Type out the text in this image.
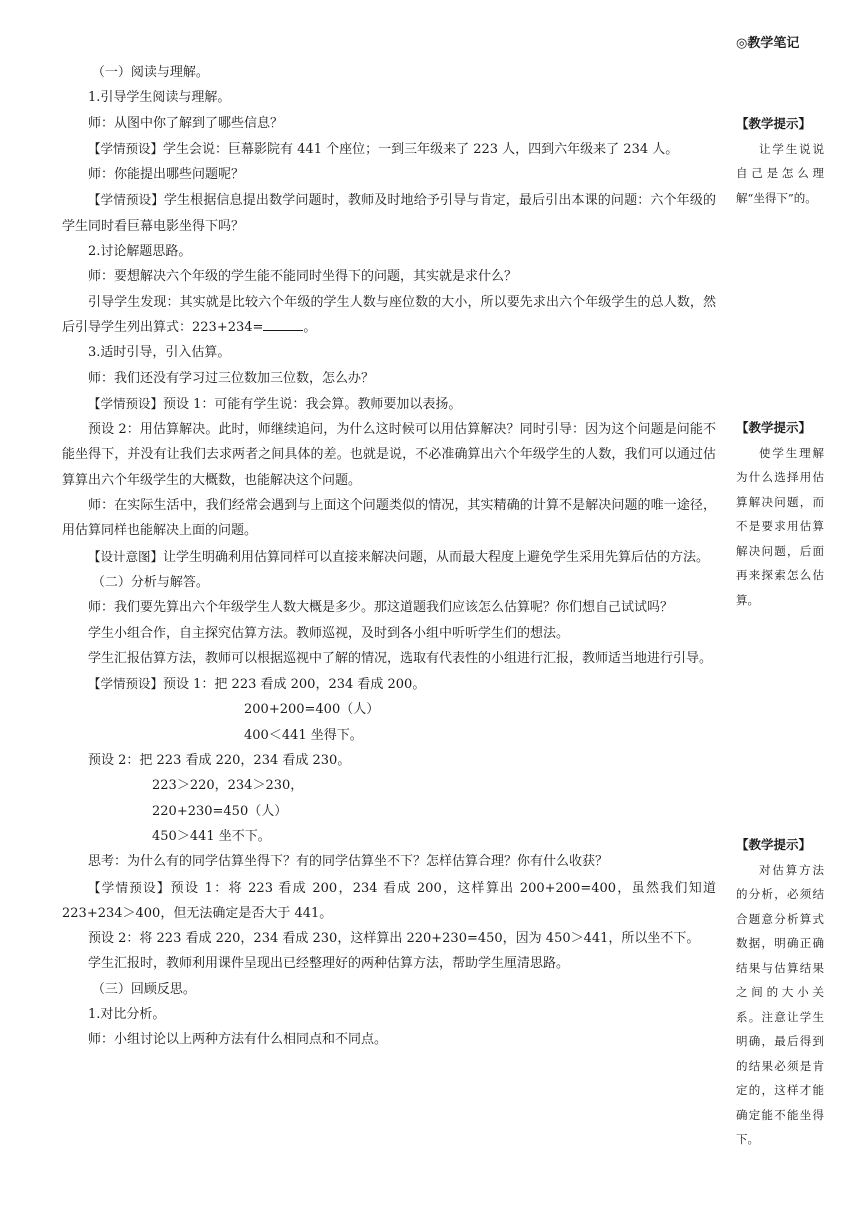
◎教学笔记

（一）阅读与理解。

1.引导学生阅读与理解。

师：从图中你了解到了哪些信息？

【学情预设】学生会说：巨幕影院有 441 个座位；一到三年级来了 223 人，四到六年级来了 234 人。

师：你能提出哪些问题呢？

【学情预设】学生根据信息提出数学问题时，教师及时地给予引导与肯定，最后引出本课的问题：六个年级的学生同时看巨幕电影坐得下吗？

2.讨论解题思路。

师：要想解决六个年级的学生能不能同时坐得下的问题，其实就是求什么？

引导学生发现：其实就是比较六个年级的学生人数与座位数的大小，所以要先求出六个年级学生的总人数，然后引导学生列出算式：223+234=	。

3.适时引导，引入估算。

师：我们还没有学习过三位数加三位数，怎么办？

【学情预设】预设 1：可能有学生说：我会算。教师要加以表扬。

预设 2：用估算解决。此时，师继续追问，为什么这时候可以用估算解决？同时引导：因为这个问题是问能不能坐得下，并没有让我们去求两者之间具体的差。也就是说，不必准确算出六个年级学生的人数，我们可以通过估算算出六个年级学生的大概数，也能解决这个问题。

师：在实际生活中，我们经常会遇到与上面这个问题类似的情况，其实精确的计算不是解决问题的唯一途径，用估算同样也能解决上面的问题。

【设计意图】让学生明确利用估算同样可以直接来解决问题，从而最大程度上避免学生采用先算后估的方法。

（二）分析与解答。

师：我们要先算出六个年级学生人数大概是多少。那这道题我们应该怎么估算呢？你们想自己试试吗？

学生小组合作，自主探究估算方法。教师巡视，及时到各小组中听听学生们的想法。

学生汇报估算方法，教师可以根据巡视中了解的情况，选取有代表性的小组进行汇报，教师适当地进行引导。

【学情预设】预设 1：把 223 看成 200，234 看成 200。

200+200=400（人）

400＜441 坐得下。

预设 2：把 223 看成 220，234 看成 230。

223＞220，234＞230，

220+230=450（人）

450＞441 坐不下。

思考：为什么有的同学估算坐得下？有的同学估算坐不下？怎样估算合理？你有什么收获？

【学情预设】预设 1：将 223 看成 200，234 看成 200，这样算出 200+200=400，虽然我们知道 223+234＞400，但无法确定是否大于 441。

预设 2：将 223 看成 220，234 看成 230，这样算出 220+230=450，因为 450＞441，所以坐不下。

学生汇报时，教师利用课件呈现出已经整理好的两种估算方法，帮助学生厘清思路。

（三）回顾反思。

1.对比分析。

师：小组讨论以上两种方法有什么相同点和不同点。

【教学提示】
让学生说说自己是怎么理解“坐得下”的。
【教学提示】
使学生理解为什么选择用估算解决问题，而不是要求用估算解决问题，后面再来探索怎么估算。
【教学提示】
对估算方法的分析，必须结合题意分析算式数据，明确正确结果与估算结果之间的大小关系。注意让学生明确，最后得到的结果必须是肯定的，这样才能确定能不能坐得下。
